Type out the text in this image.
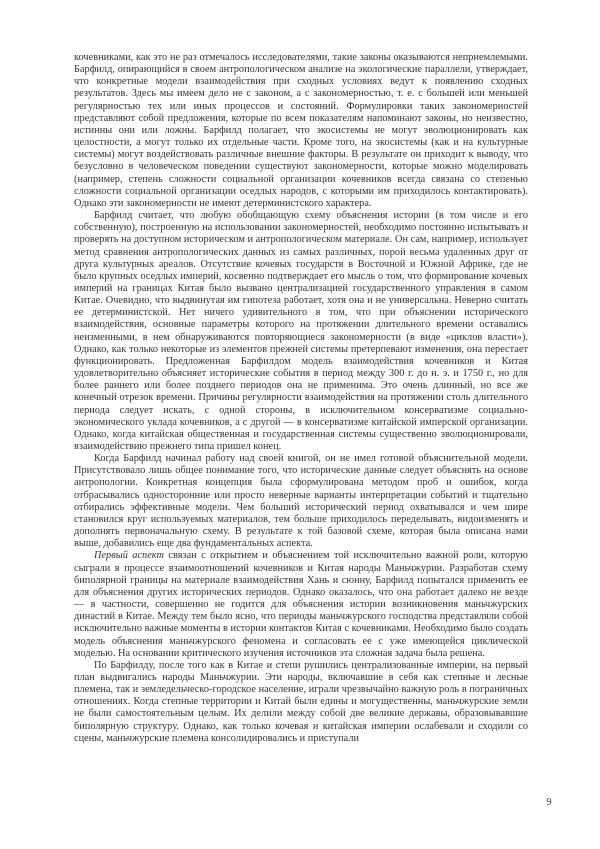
кочевниками, как это не раз отмечалось исследователями, такие законы оказываются неприемлемыми. Барфилд, опирающийся в своем антропологическом анализе на экологические параллели, утверждает, что конкретные модели взаимодействия при сходных условиях ведут к появлению сходных результатов. Здесь мы имеем дело не с законом, а с закономерностью, т. е. с большей или меньшей регулярностью тех или иных процессов и состояний. Формулировки таких закономерностей представляют собой предложения, которые по всем показателям напоминают законы, но неизвестно, истинны они или ложны. Барфилд полагает, что экосистемы не могут эволюционировать как целостности, а могут только их отдельные части. Кроме того, на экосистемы (как и на культурные системы) могут воздействовать различные внешние факторы. В результате он приходит к выводу, что безусловно в человеческом поведении существуют закономерности, которые можно моделировать (например, степень сложности социальной организации кочевников всегда связана со степенью сложности социальной организации оседлых народов, с которыми им приходилось контактировать). Однако эти закономерности не имеют детерминистского характера.

Барфилд считает, что любую обобщающую схему объяснения истории (в том числе и его собственную), построенную на использовании закономерностей, необходимо постоянно испытывать и проверять на доступном историческом и антропологическом материале. Он сам, например, использует метод сравнения антропологических данных из самых различных, порой весьма удаленных друг от друга культурных ареалов. Отсутствие кочевых государств в Восточной и Южной Африке, где не было крупных оседлых империй, косвенно подтверждает его мысль о том, что формирование кочевых империй на границах Китая было вызвано централизацией государственного управления в самом Китае. Очевидно, что выдвинутая им гипотеза работает, хотя она и не универсальна. Неверно считать ее детерминистской. Нет ничего удивительного в том, что при объяснении исторического взаимодействия, основные параметры которого на протяжении длительного времени оставались неизменными, в нем обнаруживаются повторяющиеся закономерности (в виде «циклов власти»). Однако, как только некоторые из элементов прежней системы претерпевают изменения, она перестает функционировать. Предложенная Барфилдом модель взаимодействия кочевников и Китая удовлетворительно объясняет исторические события в период между 300 г. до н. э. и 1750 г., но для более раннего или более позднего периодов она не применима. Это очень длинный, но все же конечный отрезок времени. Причины регулярности взаимодействия на протяжении столь длительного периода следует искать, с одной стороны, в исключительном консерватизме социально-экономического уклада кочевников, а с другой — в консерватизме китайской имперской организации. Однако, когда китайская общественная и государственная системы существенно эволюционировали, взаимодействию прежнего типа пришел конец.

Когда Барфилд начинал работу над своей книгой, он не имел готовой объяснительной модели. Присутствовало лишь общее понимание того, что исторические данные следует объяснять на основе антропологии. Конкретная концепция была сформулирована методом проб и ошибок, когда отбрасывались односторонние или просто неверные варианты интерпретации событий и тщательно отбирались эффективные модели. Чем больший исторический период охватывался и чем шире становился круг используемых материалов, тем больше приходилось переделывать, видоизменять и дополнять первоначальную схему. В результате к той базовой схеме, которая была описана нами выше, добавились еще два фундаментальных аспекта.

Первый аспект связан с открытием и объяснением той исключительно важной роли, которую сыграли в процессе взаимоотношений кочевников и Китая народы Маньчжурии. Разработав схему биполярной границы на материале взаимодействия Хань и сюнну, Барфилд попытался применить ее для объяснения других исторических периодов. Однако оказалось, что она работает далеко не везде — в частности, совершенно не годится для объяснения истории возникновения маньчжурских династий в Китае. Между тем было ясно, что периоды маньчжурского господства представляли собой исключительно важные моменты в истории контактов Китая с кочевниками. Необходимо было создать модель объяснения маньчжурского феномена и согласовать ее с уже имеющейся циклической моделью. На основании критического изучения источников эта сложная задача была решена.

По Барфилду, после того как в Китае и степи рушились централизованные империи, на первый план выдвигались народы Маньчжурии. Эти народы, включавшие в себя как степные и лесные племена, так и земледельческо-городское население, играли чрезвычайно важную роль в пограничных отношениях. Когда степные территории и Китай были едины и могущественны, маньчжурские земли не были самостоятельным целым. Их делили между собой две великие державы, образовывавшие биполярную структуру. Однако, как только кочевая и китайская империи ослабевали и сходили со сцены, маньчжурские племена консолидировались и приступали

9
